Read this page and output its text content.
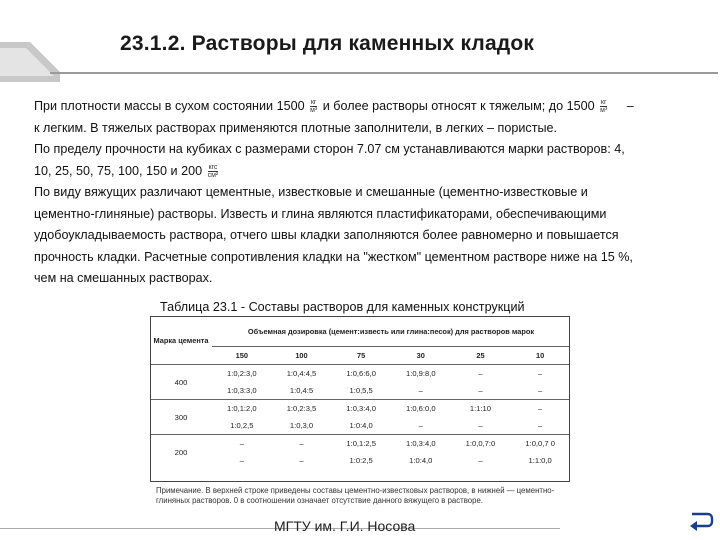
23.1.2. Растворы для каменных кладок
При плотности массы в сухом состоянии 1500 кг
м³ и более растворы относят к тяжелым; до 1500 кг
м³ –
к легким. В тяжелых растворах применяются плотные заполнители, в легких – пористые.
По пределу прочности на кубиках с размерами сторон 7.07 см устанавливаются марки растворов: 4,
10, 25, 50, 75, 100, 150 и 200 кгс
см²
По виду вяжущих различают цементные, известковые и смешанные (цементно-известковые и
цементно-глиняные) растворы. Известь и глина являются пластификаторами, обеспечивающими
удобоукладываемость раствора, отчего швы кладки заполняются более равномерно и повышается
прочность кладки. Расчетные сопротивления кладки на "жестком" цементном растворе ниже на 15 %,
чем на смешанных растворах.
Таблица 23.1 - Составы растворов для каменных конструкций
Марка цемента	Объемная дозировка (цемент:известь или глина:песок) для растворов марок					
	150	100	75	30	25	10
400	1:0,2:3,0	1:0,4:4,5	1:0,6:6,0	1:0,9:8,0	–	–
	1:0,3:3,0	1:0,4:5	1:0,5,5	–	–	–
300	1:0,1:2,0	1:0,2:3,5	1:0,3:4,0	1:0,6:0,0	1:1:10	–
	1:0,2,5	1:0,3,0	1:0:4,0	–	–	–
200	–	–	1:0,1:2,5	1:0,3:4,0	1:0,0,7:0	1:0,0,7 0
	–	–	1:0:2,5	1:0:4,0	–	1:1:0,0
Примечание. В верхней строке приведены составы цементно-известковых растворов, в нижней — цементно-глиняных растворов. 0 в соотношении означает отсутствие данного вяжущего в растворе.
МГТУ им. Г.И. Носова
